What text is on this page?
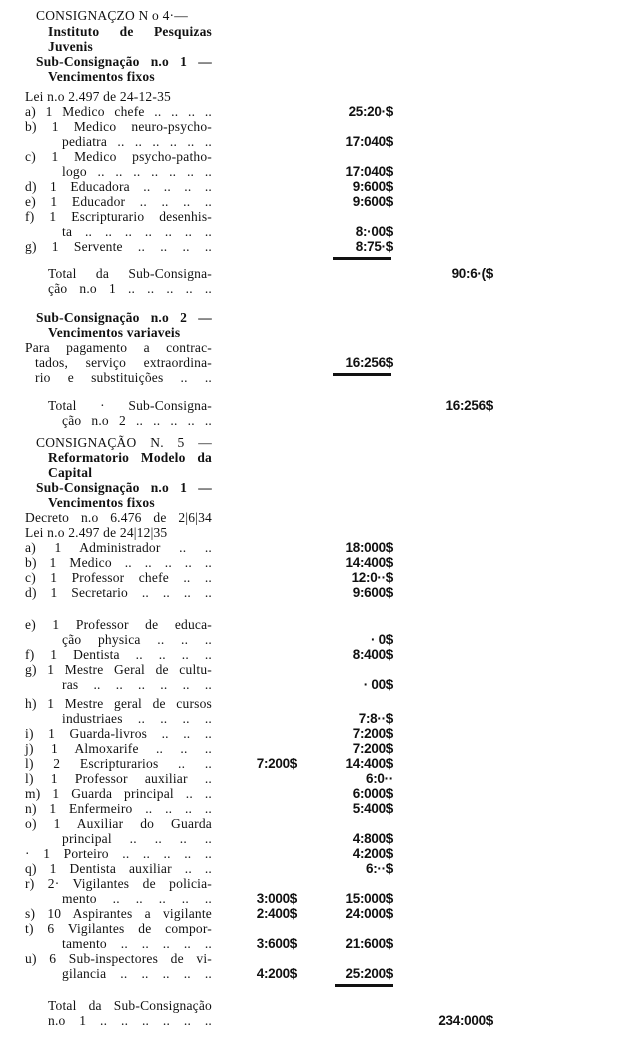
CONSIGNAÇZO N o 4·—
Instituto de Pesquizas
Juvenis
Sub-Consignação n.o 1 —
Vencimentos fixos
Lei n.o 2.497 de 24-12-35
a) 1 Medico chefe .. .. .. ..	25:20·$
b) 1 Medico neuro-psycho-
pediatra .. .. .. .. .. ..	17:040$
c) 1 Medico psycho-patho-
logo .. .. .. .. .. .. ..	17:040$
d) 1 Educadora .. .. .. ..	9:600$
e) 1 Educador .. .. .. ..	9:600$
f) 1 Escripturario desenhis-
ta .. .. .. .. .. .. ..	8:·00$
g) 1 Servente .. .. .. ..	8:75·$
Total da Sub-Consigna-	90:6·($
ção n.o 1 .. .. .. .. ..
Sub-Consignação n.o 2 —
Vencimentos variaveis
Para pagamento a contrac-
tados, serviço extraordina-	16:256$
rio e substituições .. ..
Total · Sub-Consigna-	16:256$
ção n.o 2 .. .. .. .. ..
CONSIGNAÇÃO N. 5 —
Reformatorio Modelo da
Capital
Sub-Consignação n.o 1 —
Vencimentos fixos
Decreto n.o 6.476 de 2|6|34
Lei n.o 2.497 de 24|12|35
a) 1 Administrador .. ..	18:000$
b) 1 Medico .. .. .. .. ..	14:400$
c) 1 Professor chefe .. ..	12:0··$
d) 1 Secretario .. .. .. ..	9:600$
e) 1 Professor de educa-
ção physica .. .. ..	· 0$
f) 1 Dentista .. .. .. ..	8:400$
g) 1 Mestre Geral de cultu-
ras .. .. .. .. .. ..	· 00$
h) 1 Mestre geral de cursos
industriaes .. .. .. ..	7:8··$
i) 1 Guarda-livros .. .. ..	7:200$
j) 1 Almoxarife .. .. ..	7:200$
l) 2 Escripturarios .. ..	7:200$	14:400$
l) 1 Professor auxiliar ..	6:0··
m) 1 Guarda principal .. ..	6:000$
n) 1 Enfermeiro .. .. .. ..	5:400$
o) 1 Auxiliar do Guarda
principal .. .. .. ..	4:800$
· 1 Porteiro .. .. .. .. ..	4:200$
q) 1 Dentista auxiliar .. ..	6:··$
r) 2· Vigilantes de policia-
mento .. .. .. .. ..	3:000$	15:000$
s) 10 Aspirantes a vigilante	2:400$	24:000$
t) 6 Vigilantes de compor-
tamento .. .. .. .. ..	3:600$	21:600$
u) 6 Sub-inspectores de vi-
gilancia .. .. .. .. ..	4:200$	25:200$
Total da Sub-Consignação
n.o 1 .. .. .. .. .. ..	234:000$
